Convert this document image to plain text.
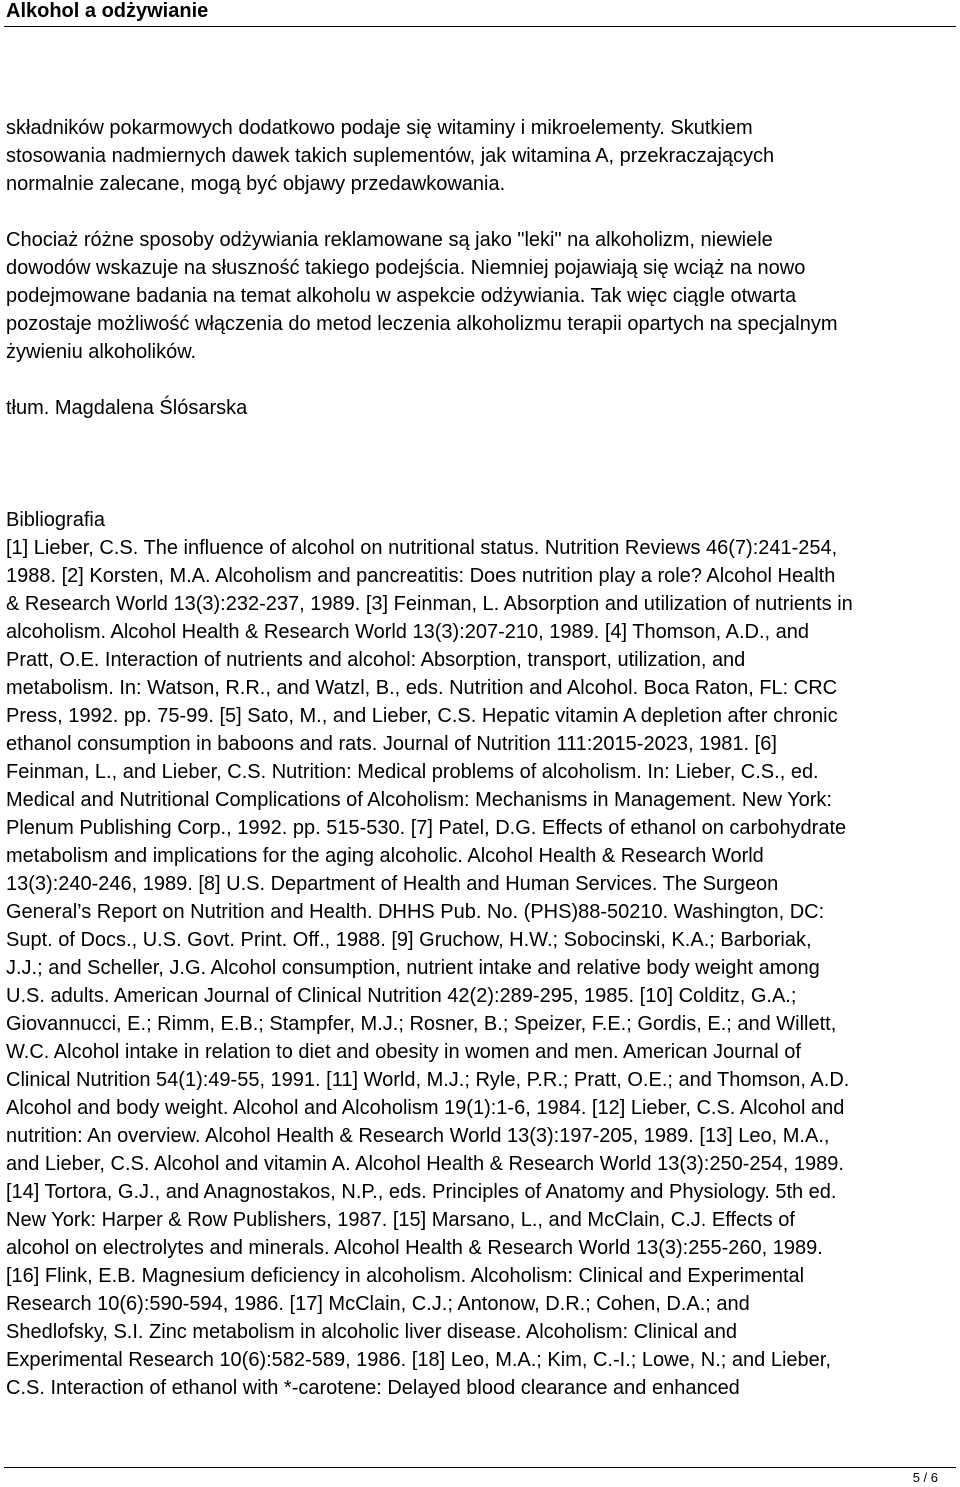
Alkohol a odżywianie

składników pokarmowych dodatkowo podaje się witaminy i mikroelementy. Skutkiem
stosowania nadmiernych dawek takich suplementów, jak witamina A, przekraczających
normalnie zalecane, mogą być objawy przedawkowania.

Chociaż różne sposoby odżywiania reklamowane są jako "leki" na alkoholizm, niewiele
dowodów wskazuje na słuszność takiego podejścia. Niemniej pojawiają się wciąż na nowo
podejmowane badania na temat alkoholu w aspekcie odżywiania. Tak więc ciągle otwarta
pozostaje możliwość włączenia do metod leczenia alkoholizmu terapii opartych na specjalnym
żywieniu alkoholików.

tłum. Magdalena Ślósarska

Bibliografia

[1] Lieber, C.S. The influence of alcohol on nutritional status. Nutrition Reviews 46(7):241-254,
1988. [2] Korsten, M.A. Alcoholism and pancreatitis: Does nutrition play a role? Alcohol Health
& Research World 13(3):232-237, 1989. [3] Feinman, L. Absorption and utilization of nutrients in
alcoholism. Alcohol Health & Research World 13(3):207-210, 1989. [4] Thomson, A.D., and
Pratt, O.E. Interaction of nutrients and alcohol: Absorption, transport, utilization, and
metabolism. In: Watson, R.R., and Watzl, B., eds. Nutrition and Alcohol. Boca Raton, FL: CRC
Press, 1992. pp. 75-99. [5] Sato, M., and Lieber, C.S. Hepatic vitamin A depletion after chronic
ethanol consumption in baboons and rats. Journal of Nutrition 111:2015-2023, 1981. [6]
Feinman, L., and Lieber, C.S. Nutrition: Medical problems of alcoholism. In: Lieber, C.S., ed.
Medical and Nutritional Complications of Alcoholism: Mechanisms in Management. New York:
Plenum Publishing Corp., 1992. pp. 515-530. [7] Patel, D.G. Effects of ethanol on carbohydrate
metabolism and implications for the aging alcoholic. Alcohol Health & Research World
13(3):240-246, 1989. [8] U.S. Department of Health and Human Services. The Surgeon
General’s Report on Nutrition and Health. DHHS Pub. No. (PHS)88-50210. Washington, DC:
Supt. of Docs., U.S. Govt. Print. Off., 1988. [9] Gruchow, H.W.; Sobocinski, K.A.; Barboriak,
J.J.; and Scheller, J.G. Alcohol consumption, nutrient intake and relative body weight among
U.S. adults. American Journal of Clinical Nutrition 42(2):289-295, 1985. [10] Colditz, G.A.;
Giovannucci, E.; Rimm, E.B.; Stampfer, M.J.; Rosner, B.; Speizer, F.E.; Gordis, E.; and Willett,
W.C. Alcohol intake in relation to diet and obesity in women and men. American Journal of
Clinical Nutrition 54(1):49-55, 1991. [11] World, M.J.; Ryle, P.R.; Pratt, O.E.; and Thomson, A.D.
Alcohol and body weight. Alcohol and Alcoholism 19(1):1-6, 1984. [12] Lieber, C.S. Alcohol and
nutrition: An overview. Alcohol Health & Research World 13(3):197-205, 1989. [13] Leo, M.A.,
and Lieber, C.S. Alcohol and vitamin A. Alcohol Health & Research World 13(3):250-254, 1989.
[14] Tortora, G.J., and Anagnostakos, N.P., eds. Principles of Anatomy and Physiology. 5th ed.
New York: Harper & Row Publishers, 1987. [15] Marsano, L., and McClain, C.J. Effects of
alcohol on electrolytes and minerals. Alcohol Health & Research World 13(3):255-260, 1989.
[16] Flink, E.B. Magnesium deficiency in alcoholism. Alcoholism: Clinical and Experimental
Research 10(6):590-594, 1986. [17] McClain, C.J.; Antonow, D.R.; Cohen, D.A.; and
Shedlofsky, S.I. Zinc metabolism in alcoholic liver disease. Alcoholism: Clinical and
Experimental Research 10(6):582-589, 1986. [18] Leo, M.A.; Kim, C.-I.; Lowe, N.; and Lieber,
C.S. Interaction of ethanol with *-carotene: Delayed blood clearance and enhanced

5 / 6
